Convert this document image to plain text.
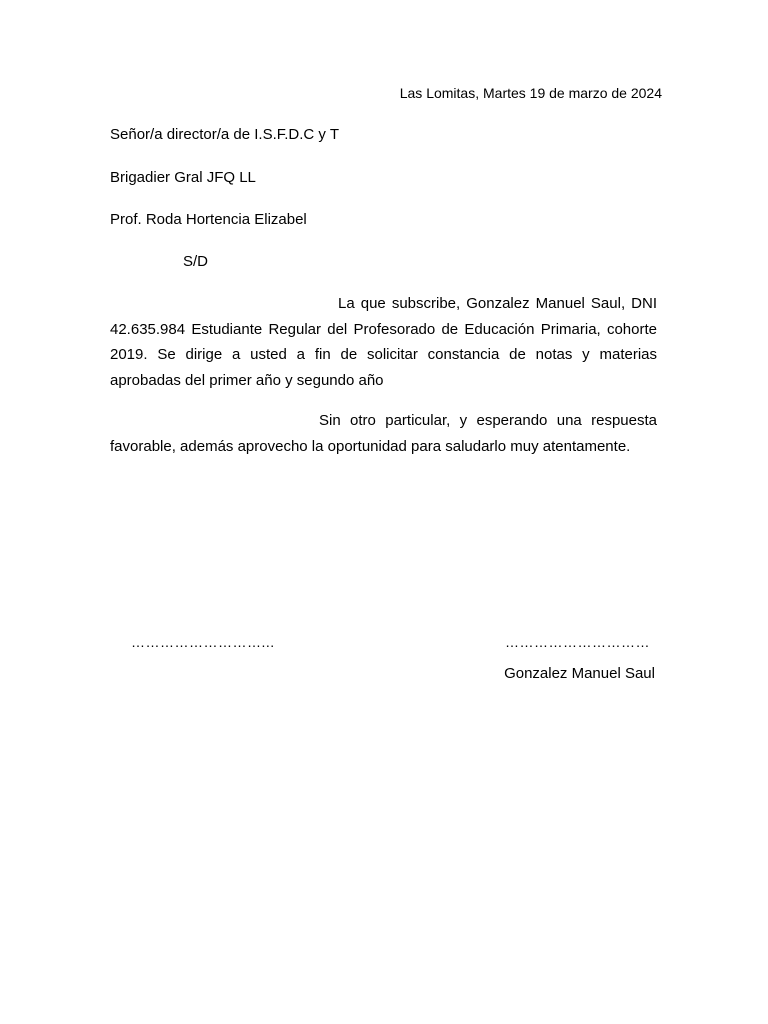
Las Lomitas, Martes 19 de marzo de 2024
Señor/a director/a de I.S.F.D.C y T
Brigadier Gral JFQ LL
Prof. Roda Hortencia Elizabel
S/D
La que subscribe, Gonzalez Manuel Saul, DNI 42.635.984 Estudiante Regular del Profesorado de Educación Primaria, cohorte 2019. Se dirige a usted a fin de solicitar constancia de notas y materias aprobadas del primer año y segundo año
Sin otro particular, y esperando una respuesta favorable, además aprovecho la oportunidad para saludarlo muy atentamente.
………………………...	…………………………
Gonzalez Manuel Saul
